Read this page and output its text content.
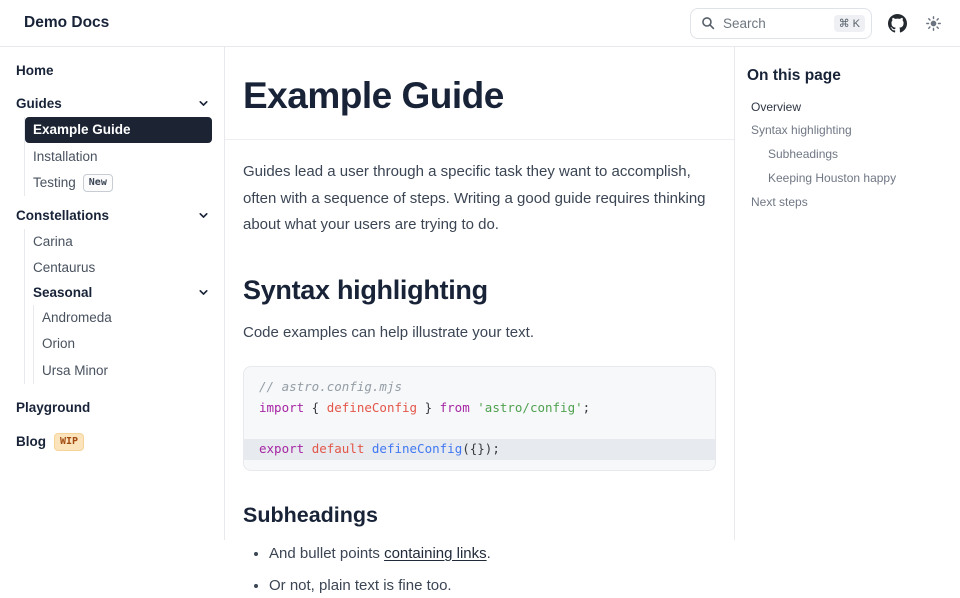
Demo Docs	Search	⌘ K
Home
Guides
Example Guide
Installation
Testing	New
Constellations
Carina
Centaurus
Seasonal
Andromeda
Orion
Ursa Minor
Playground
Blog	WIP
Example Guide

Guides lead a user through a specific task they want to accomplish, often with a sequence of steps. Writing a good guide requires thinking about what your users are trying to do.

Syntax highlighting

Code examples can help illustrate your text.

// astro.config.mjs
import { defineConfig } from 'astro/config';
export default defineConfig({});
Subheadings
• And bullet points containing links.
• Or not, plain text is fine too.
On this page
Overview
Syntax highlighting
Subheadings
Keeping Houston happy
Next steps
